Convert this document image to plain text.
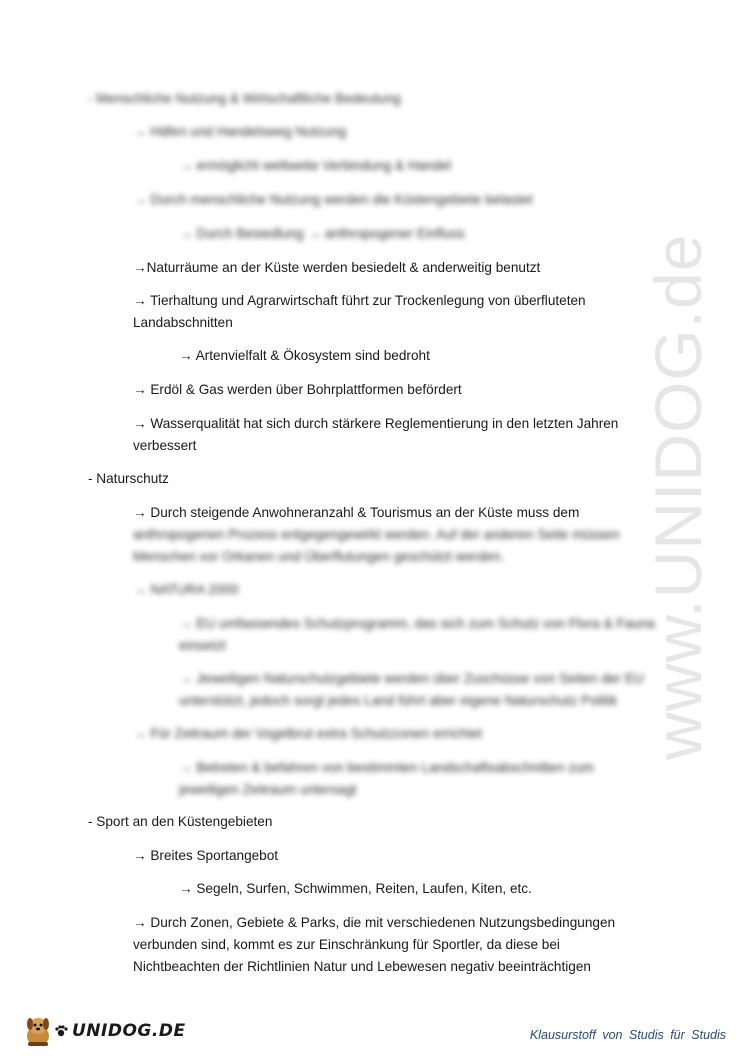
www.UNIDOG.de
- Menschliche Nutzung & Wirtschaftliche Bedeutung
→ Häfen und Handelsweg Nutzung
→ ermöglicht weltweite Verbindung & Handel
→ Durch menschliche Nutzung werden die Küstengebiete belastet
→ Durch Besiedlung → anthropogener Einfluss
→Naturräume an der Küste werden besiedelt & anderweitig benutzt
→ Tierhaltung und Agrarwirtschaft führt zur Trockenlegung von überfluteten
Landabschnitten
→ Artenvielfalt & Ökosystem sind bedroht
→ Erdöl & Gas werden über Bohrplattformen befördert
→ Wasserqualität hat sich durch stärkere Reglementierung in den letzten Jahren
verbessert
- Naturschutz
→ Durch steigende Anwohneranzahl & Tourismus an der Küste muss dem
anthropogenen Prozess entgegengewirkt werden. Auf der anderen Seite müssen
Menschen vor Orkanen und Überflutungen geschützt werden.
→ NATURA 2000
→ EU umfassendes Schutzprogramm, das sich zum Schutz von Flora & Fauna
einsetzt
→ Jeweiligen Naturschutzgebiete werden über Zuschüsse von Seiten der EU
unterstützt, jedoch sorgt jedes Land führt aber eigene Naturschutz Politik
→ Für Zeitraum der Vogelbrut extra Schutzzonen errichtet
→ Betreten & befahren von bestimmten Landschaftsabschnitten zum
jeweiligen Zeitraum untersagt
- Sport an den Küstengebieten
→ Breites Sportangebot
→ Segeln, Surfen, Schwimmen, Reiten, Laufen, Kiten, etc.
→ Durch Zonen, Gebiete & Parks, die mit verschiedenen Nutzungsbedingungen
verbunden sind, kommt es zur Einschränkung für Sportler, da diese bei
Nichtbeachten der Richtlinien Natur und Lebewesen negativ beeinträchtigen
UNIDOG.DE	Klausurstoff von Studis für Studis
